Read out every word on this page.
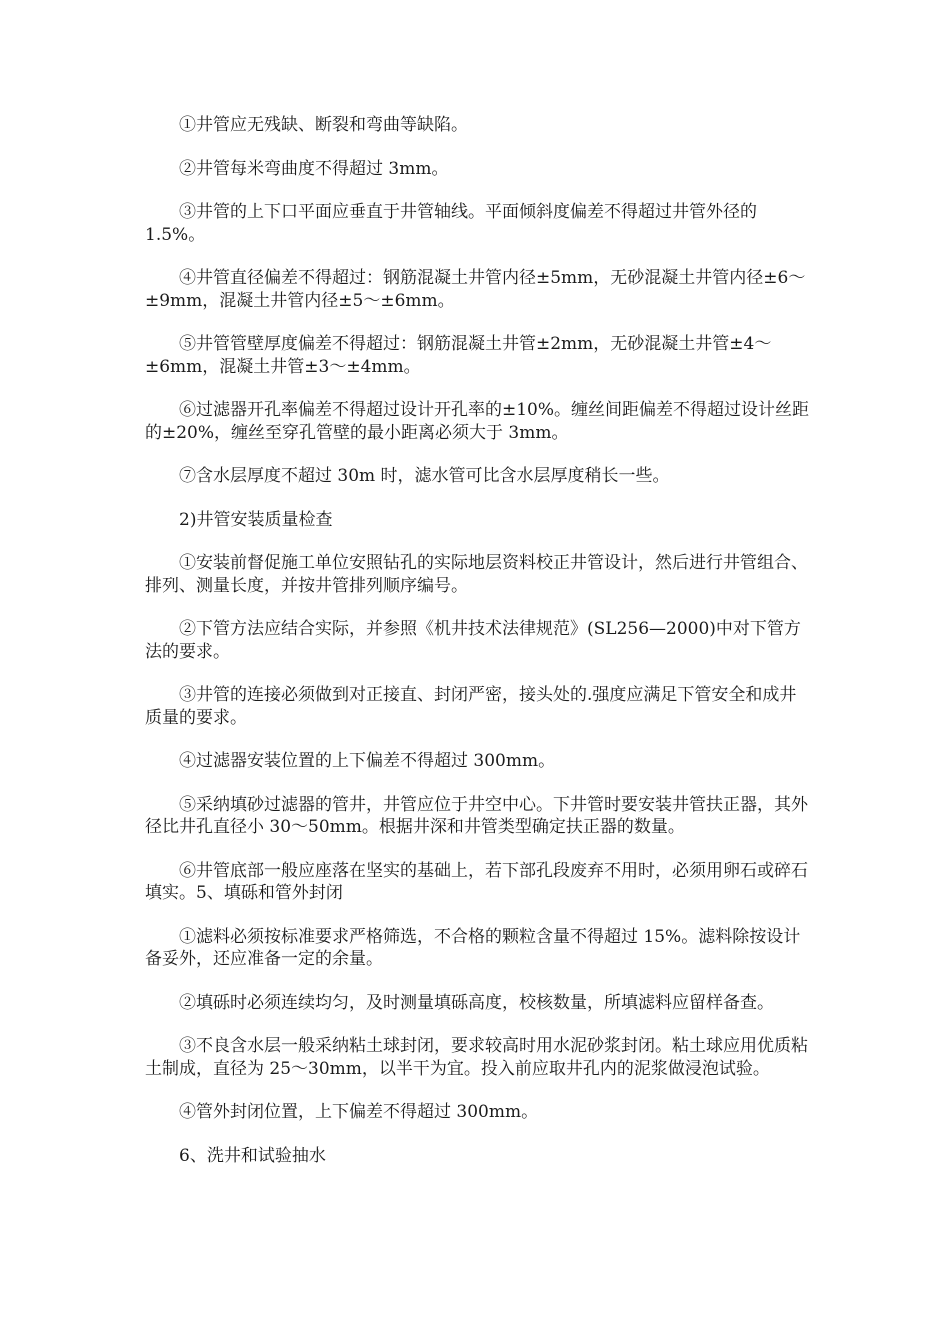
①井管应无残缺、断裂和弯曲等缺陷。

②井管每米弯曲度不得超过 3mm。

③井管的上下口平面应垂直于井管轴线。平面倾斜度偏差不得超过井管外径的 1.5%。

④井管直径偏差不得超过：钢筋混凝土井管内径±5mm，无砂混凝土井管内径±6～±9mm，混凝土井管内径±5～±6mm。

⑤井管管壁厚度偏差不得超过：钢筋混凝土井管±2mm，无砂混凝土井管±4～±6mm，混凝土井管±3～±4mm。

⑥过滤器开孔率偏差不得超过设计开孔率的±10%。缠丝间距偏差不得超过设计丝距的±20%，缠丝至穿孔管壁的最小距离必须大于 3mm。

⑦含水层厚度不超过 30m 时，滤水管可比含水层厚度稍长一些。

2)井管安装质量检查

①安装前督促施工单位安照钻孔的实际地层资料校正井管设计，然后进行井管组合、排列、测量长度，并按井管排列顺序编号。

②下管方法应结合实际，并参照《机井技术法律规范》(SL256—2000)中对下管方法的要求。

③井管的连接必须做到对正接直、封闭严密，接头处的.强度应满足下管安全和成井质量的要求。

④过滤器安装位置的上下偏差不得超过 300mm。

⑤采纳填砂过滤器的管井，井管应位于井空中心。下井管时要安装井管扶正器，其外径比井孔直径小 30～50mm。根据井深和井管类型确定扶正器的数量。

⑥井管底部一般应座落在坚实的基础上，若下部孔段废弃不用时，必须用卵石或碎石填实。5、填砾和管外封闭

①滤料必须按标准要求严格筛选，不合格的颗粒含量不得超过 15%。滤料除按设计备妥外，还应准备一定的余量。

②填砾时必须连续均匀，及时测量填砾高度，校核数量，所填滤料应留样备查。

③不良含水层一般采纳粘土球封闭，要求较高时用水泥砂浆封闭。粘土球应用优质粘土制成，直径为 25～30mm，以半干为宜。投入前应取井孔内的泥浆做浸泡试验。

④管外封闭位置，上下偏差不得超过 300mm。

6、洗井和试验抽水
